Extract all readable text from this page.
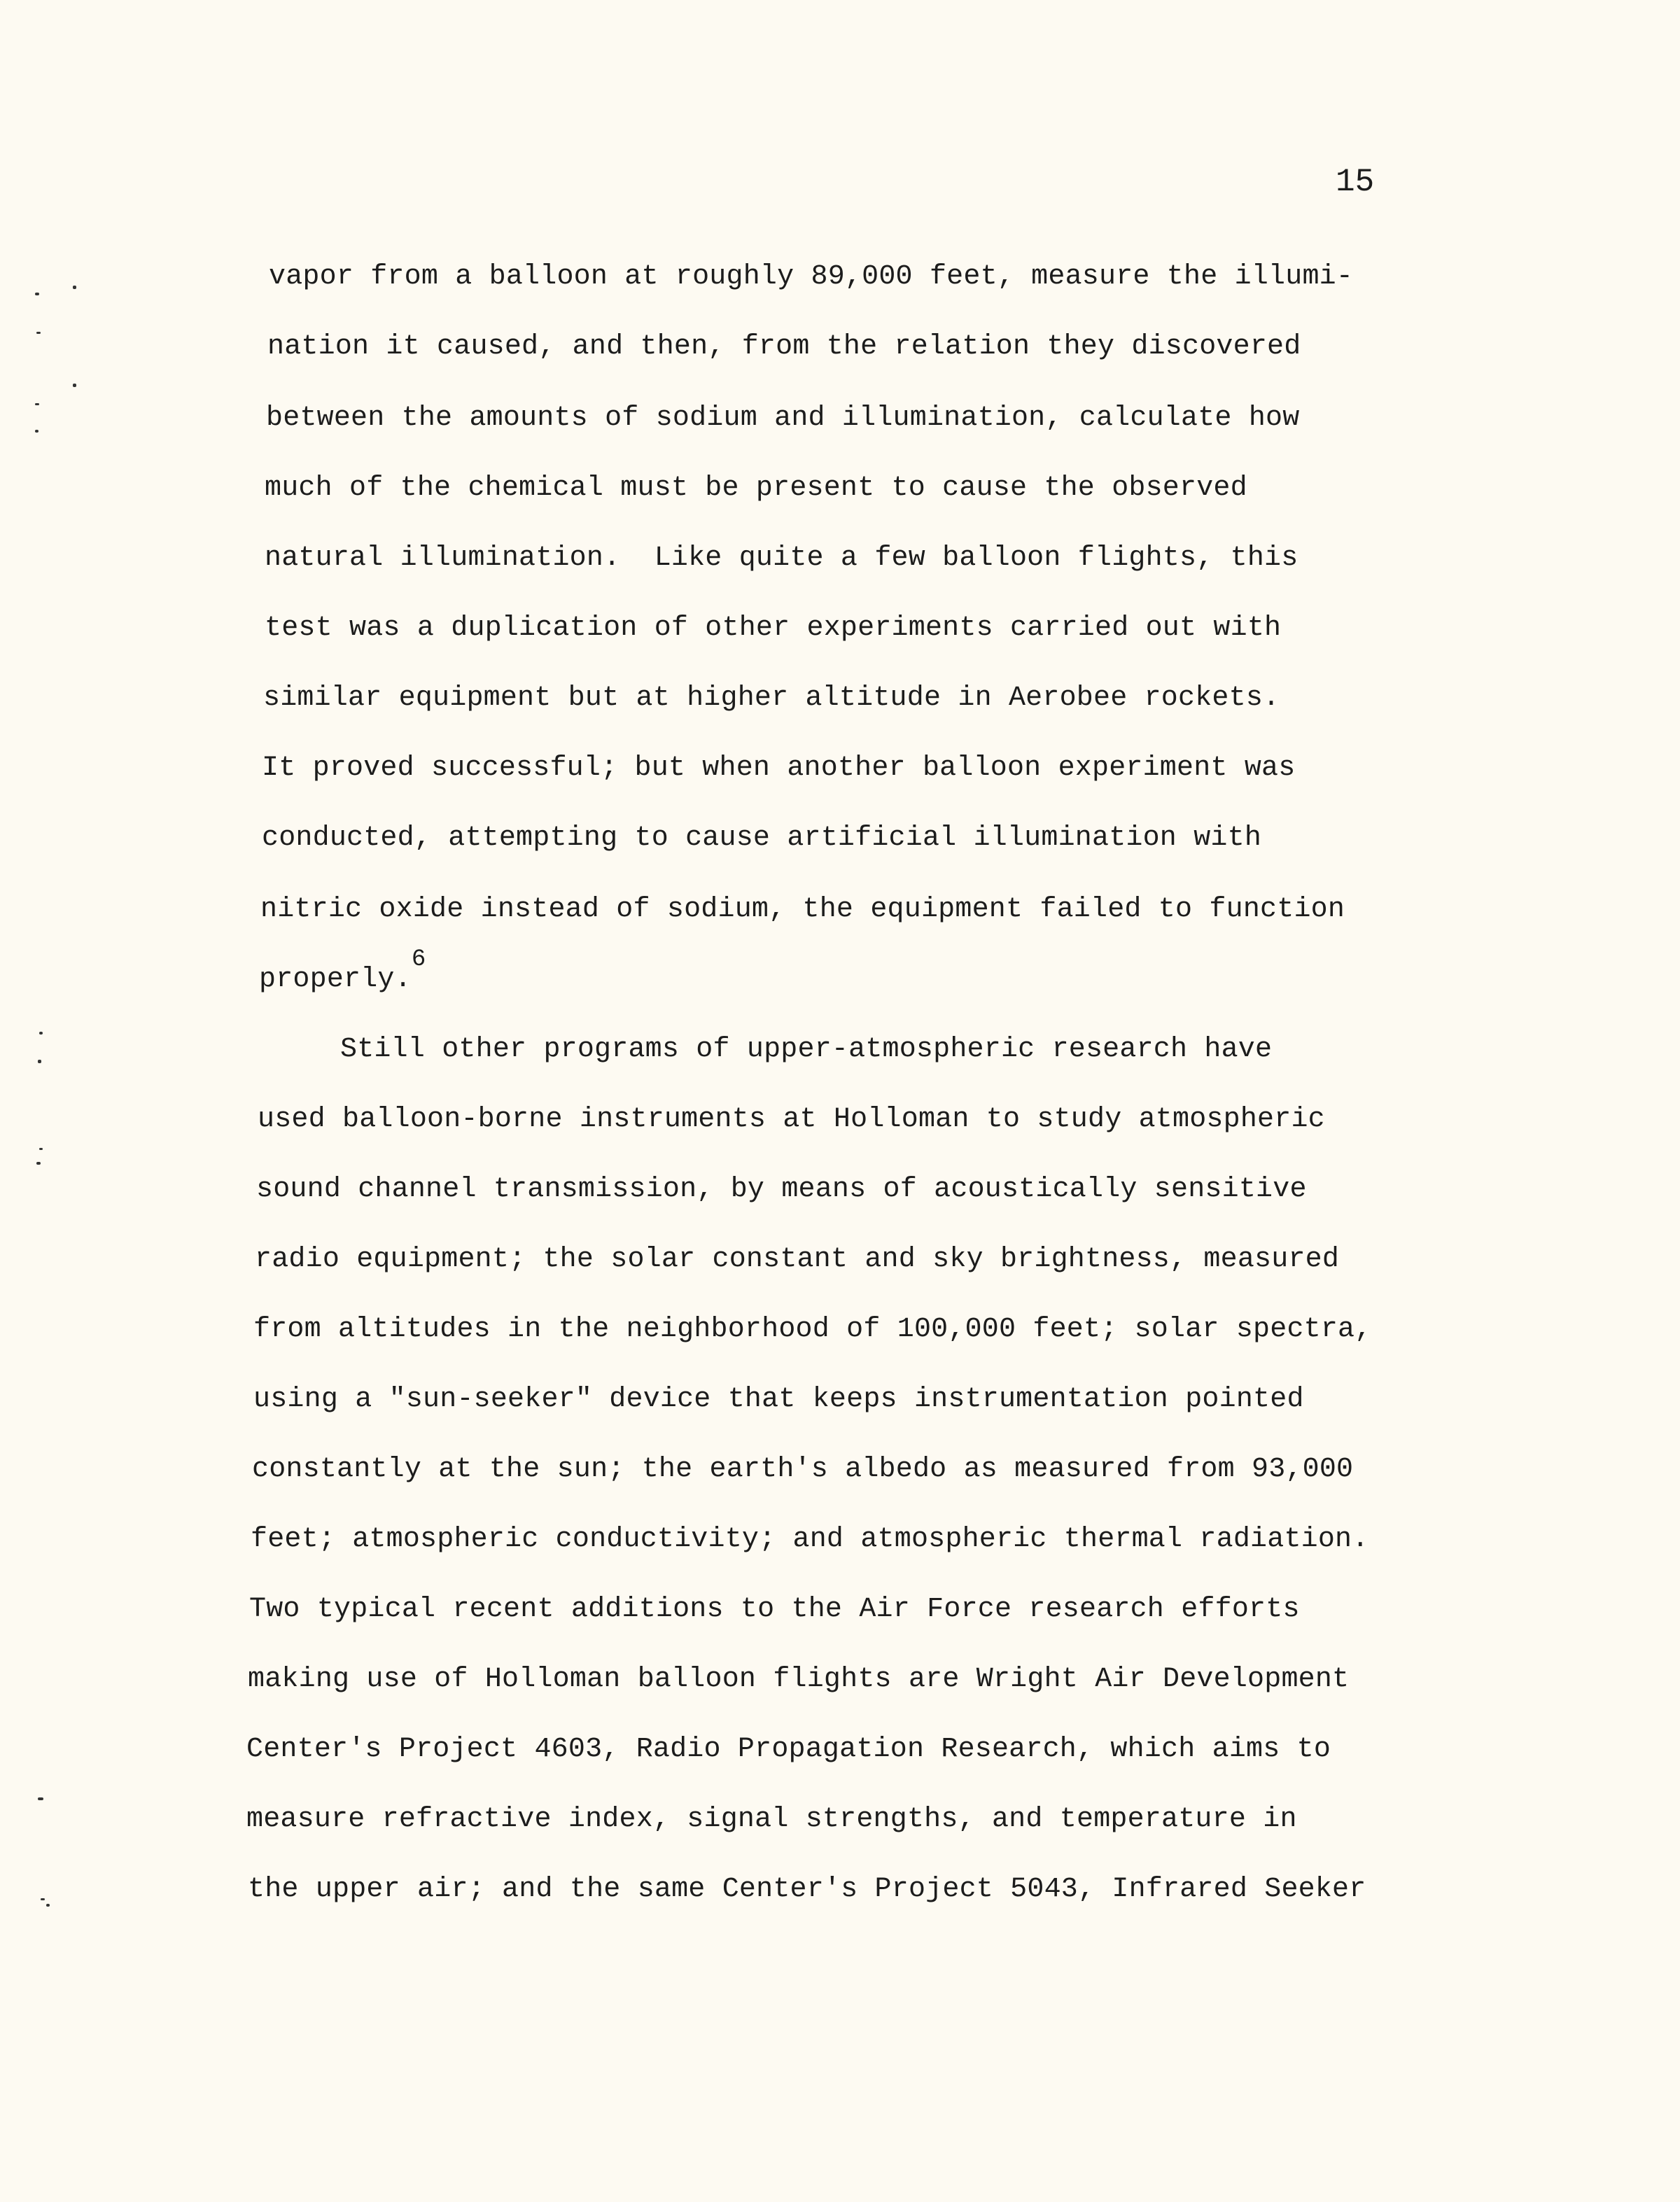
15
vapor from a balloon at roughly 89,000 feet, measure the illumi-
nation it caused, and then, from the relation they discovered
between the amounts of sodium and illumination, calculate how
much of the chemical must be present to cause the observed
natural illumination.  Like quite a few balloon flights, this
test was a duplication of other experiments carried out with
similar equipment but at higher altitude in Aerobee rockets.
It proved successful; but when another balloon experiment was
conducted, attempting to cause artificial illumination with
nitric oxide instead of sodium, the equipment failed to function
properly.$^6$
Still other programs of upper-atmospheric research have
used balloon-borne instruments at Holloman to study atmospheric
sound channel transmission, by means of acoustically sensitive
radio equipment; the solar constant and sky brightness, measured
from altitudes in the neighborhood of 100,000 feet; solar spectra,
using a "sun-seeker" device that keeps instrumentation pointed
constantly at the sun; the earth's albedo as measured from 93,000
feet; atmospheric conductivity; and atmospheric thermal radiation.
Two typical recent additions to the Air Force research efforts
making use of Holloman balloon flights are Wright Air Development
Center's Project 4603, Radio Propagation Research, which aims to
measure refractive index, signal strengths, and temperature in
the upper air; and the same Center's Project 5043, Infrared Seeker
